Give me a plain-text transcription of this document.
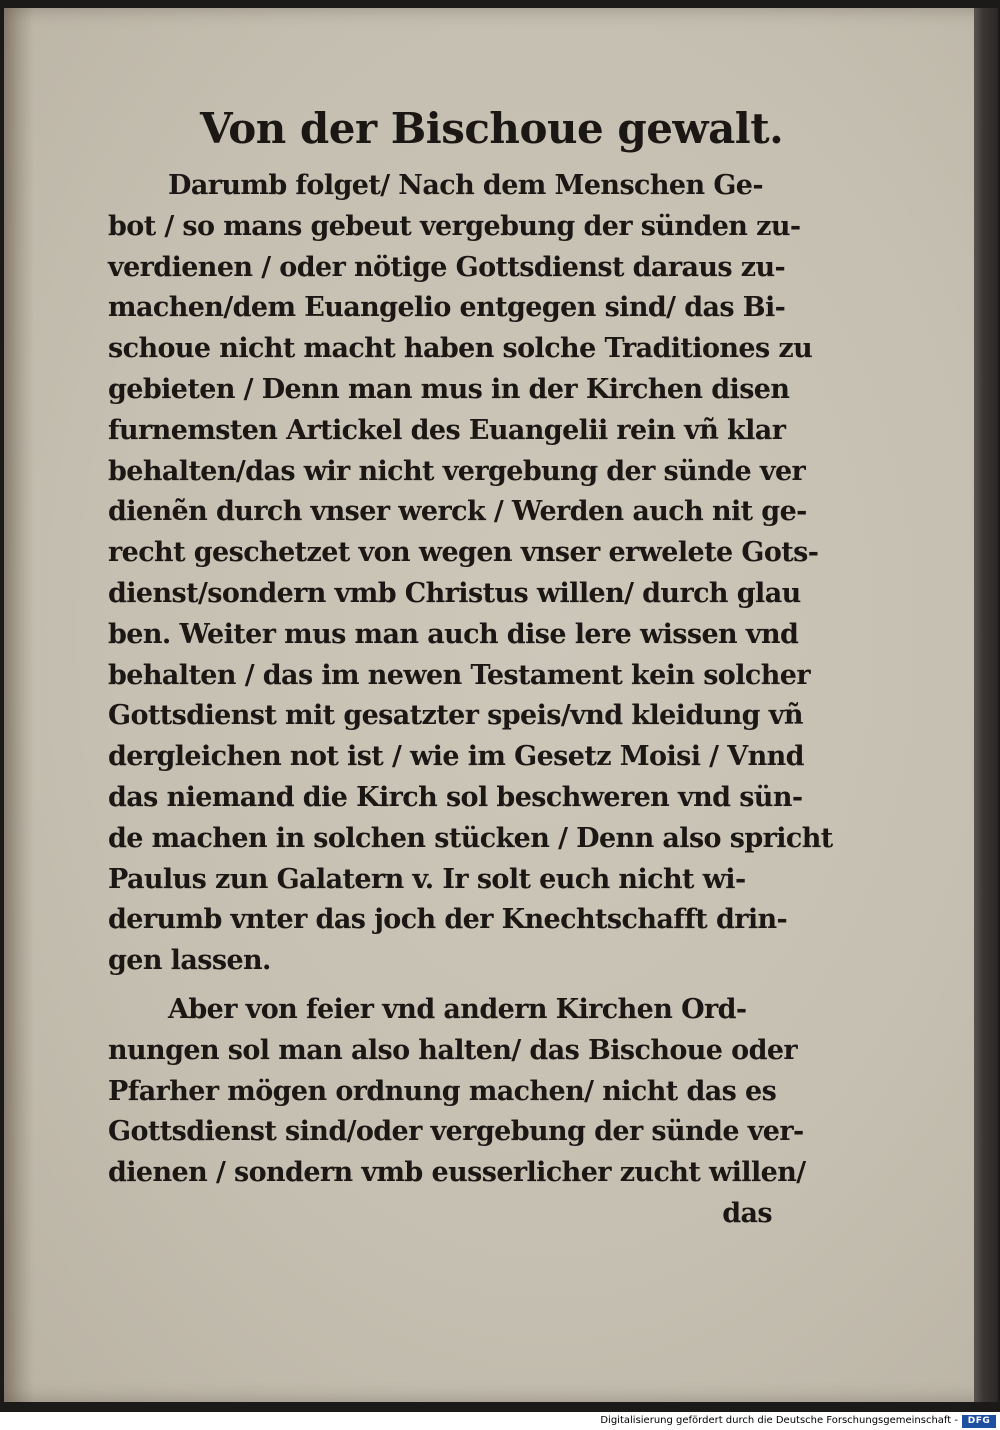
Von der Bischoue gewalt.
Darumb folget/ Nach dem Menschen Ge-
bot / so mans gebeut vergebung der sünden zu-
verdienen / oder nötige Gottsdienst daraus zu-
machen/dem Euangelio entgegen sind/ das Bi-
schoue nicht macht haben solche Traditiones zu
gebieten / Denn man mus in der Kirchen disen
furnemsten Artickel des Euangelii rein vñ klar
behalten/das wir nicht vergebung der sünde ver
dienẽn durch vnser werck / Werden auch nit ge-
recht geschetzet von wegen vnser erwelete Gots-
dienst/sondern vmb Christus willen/ durch glau
ben. Weiter mus man auch dise lere wissen vnd
behalten / das im newen Testament kein solcher
Gottsdienst mit gesatzter speis/vnd kleidung vñ
dergleichen not ist / wie im Gesetz Moisi / Vnnd
das niemand die Kirch sol beschweren vnd sün-
de machen in solchen stücken / Denn also spricht
Paulus zun Galatern v. Ir solt euch nicht wi-
derumb vnter das joch der Knechtschafft drin-
gen lassen.
Aber von feier vnd andern Kirchen Ord-
nungen sol man also halten/ das Bischoue oder
Pfarher mögen ordnung machen/ nicht das es
Gottsdienst sind/oder vergebung der sünde ver-
dienen / sondern vmb eusserlicher zucht willen/
das
Digitalisierung gefördert durch die Deutsche Forschungsgemeinschaft -	DFG
